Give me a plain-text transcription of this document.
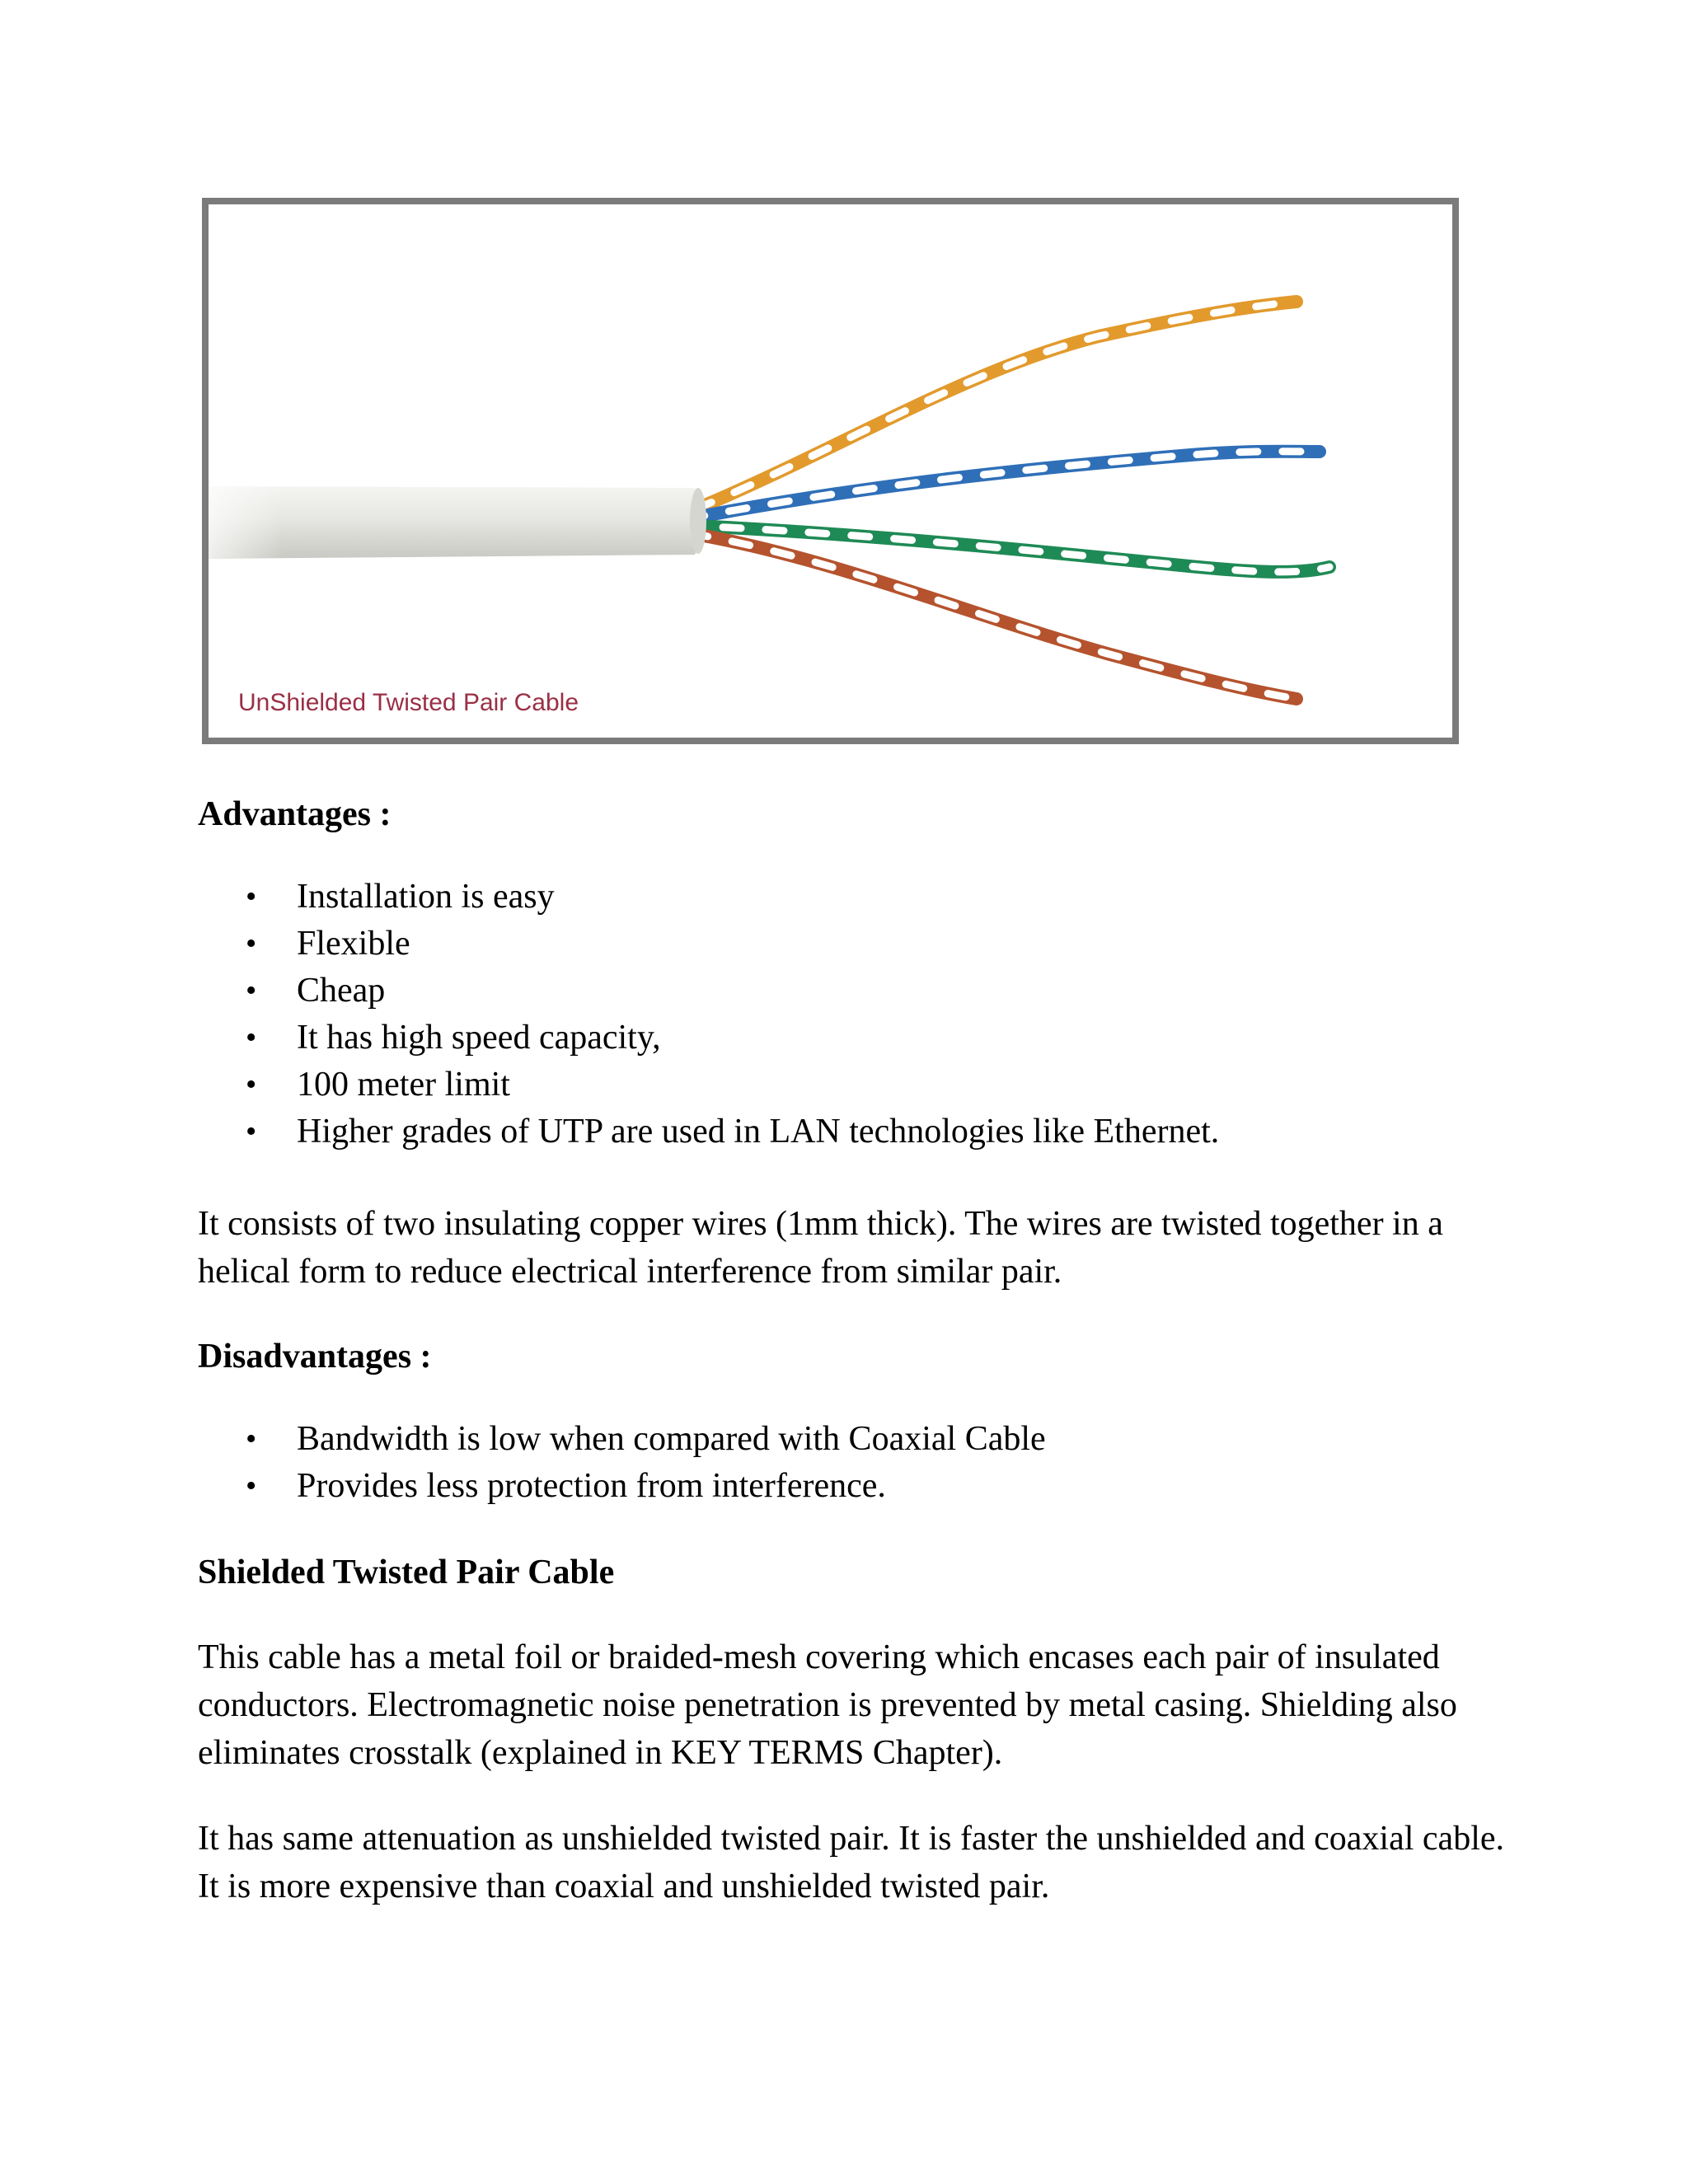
UnShielded Twisted Pair Cable
Advantages :
• Installation is easy
• Flexible
• Cheap
• It has high speed capacity,
• 100 meter limit
• Higher grades of UTP are used in LAN technologies like Ethernet.

It consists of two insulating copper wires (1mm thick). The wires are twisted together in a helical form to reduce electrical interference from similar pair.

Disadvantages :
• Bandwidth is low when compared with Coaxial Cable
• Provides less protection from interference.
Shielded Twisted Pair Cable

This cable has a metal foil or braided-mesh covering which encases each pair of insulated conductors. Electromagnetic noise penetration is prevented by metal casing. Shielding also eliminates crosstalk (explained in KEY TERMS Chapter).

It has same attenuation as unshielded twisted pair. It is faster the unshielded and coaxial cable. It is more expensive than coaxial and unshielded twisted pair.
